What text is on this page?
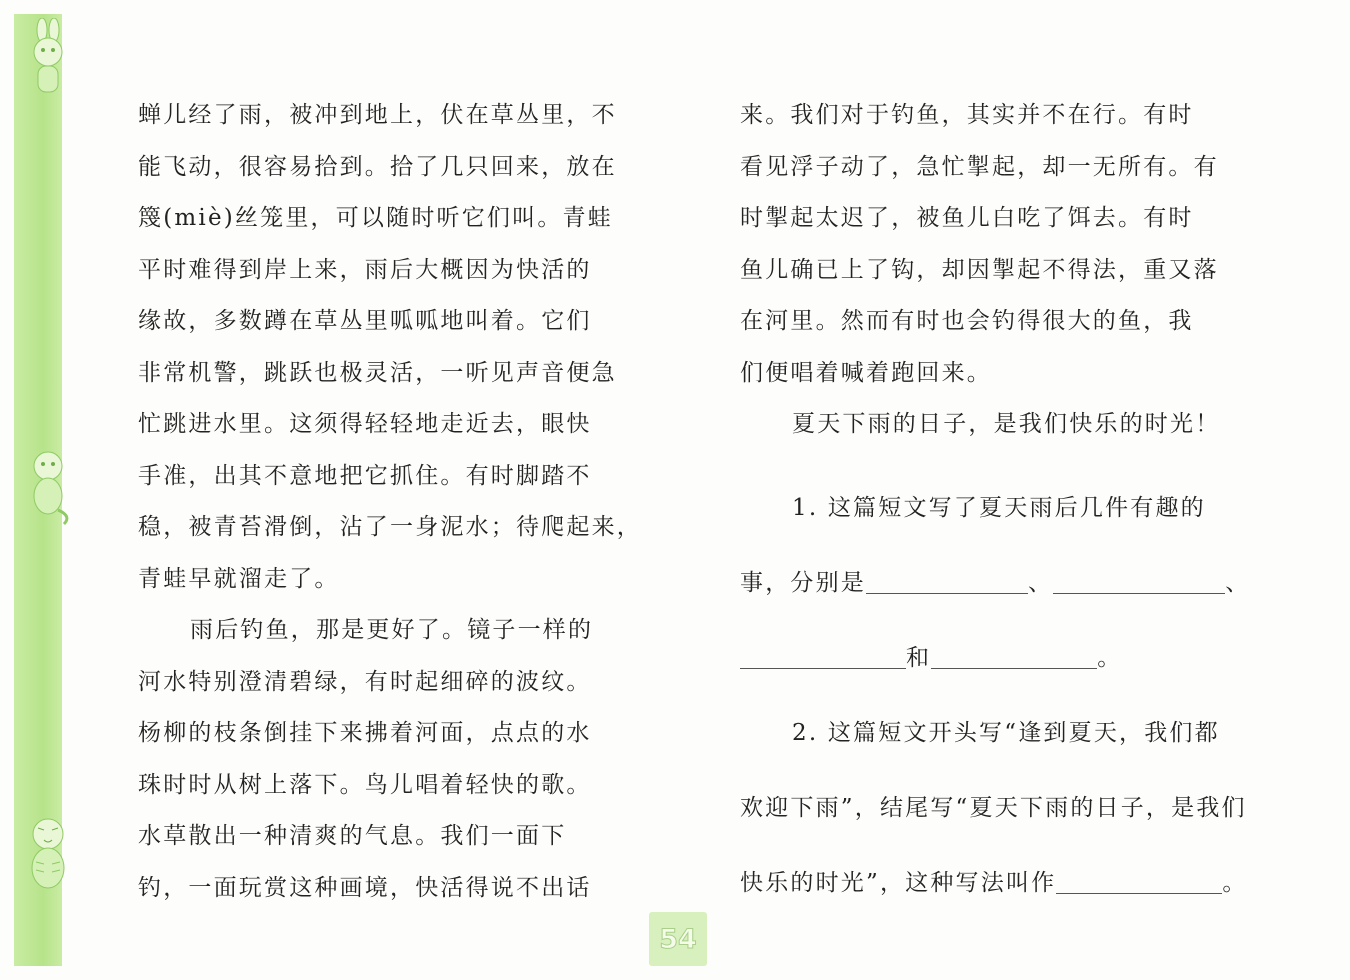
蝉儿经了雨，被冲到地上，伏在草丛里，不
能飞动，很容易拾到。拾了几只回来，放在
篾(miè)丝笼里，可以随时听它们叫。青蛙
平时难得到岸上来，雨后大概因为快活的
缘故，多数蹲在草丛里呱呱地叫着。它们
非常机警，跳跃也极灵活，一听见声音便急
忙跳进水里。这须得轻轻地走近去，眼快
手准，出其不意地把它抓住。有时脚踏不
稳，被青苔滑倒，沾了一身泥水；待爬起来，
青蛙早就溜走了。
雨后钓鱼，那是更好了。镜子一样的
河水特别澄清碧绿，有时起细碎的波纹。
杨柳的枝条倒挂下来拂着河面，点点的水
珠时时从树上落下。鸟儿唱着轻快的歌。
水草散出一种清爽的气息。我们一面下
钓，一面玩赏这种画境，快活得说不出话
来。我们对于钓鱼，其实并不在行。有时
看见浮子动了，急忙掣起，却一无所有。有
时掣起太迟了，被鱼儿白吃了饵去。有时
鱼儿确已上了钩，却因掣起不得法，重又落
在河里。然而有时也会钓得很大的鱼，我
们便唱着喊着跑回来。
夏天下雨的日子，是我们快乐的时光！
1. 这篇短文写了夏天雨后几件有趣的
事，分别是	、	、
和	。
2. 这篇短文开头写“逢到夏天，我们都
欢迎下雨”，结尾写“夏天下雨的日子，是我们
快乐的时光”，这种写法叫作	。
54
